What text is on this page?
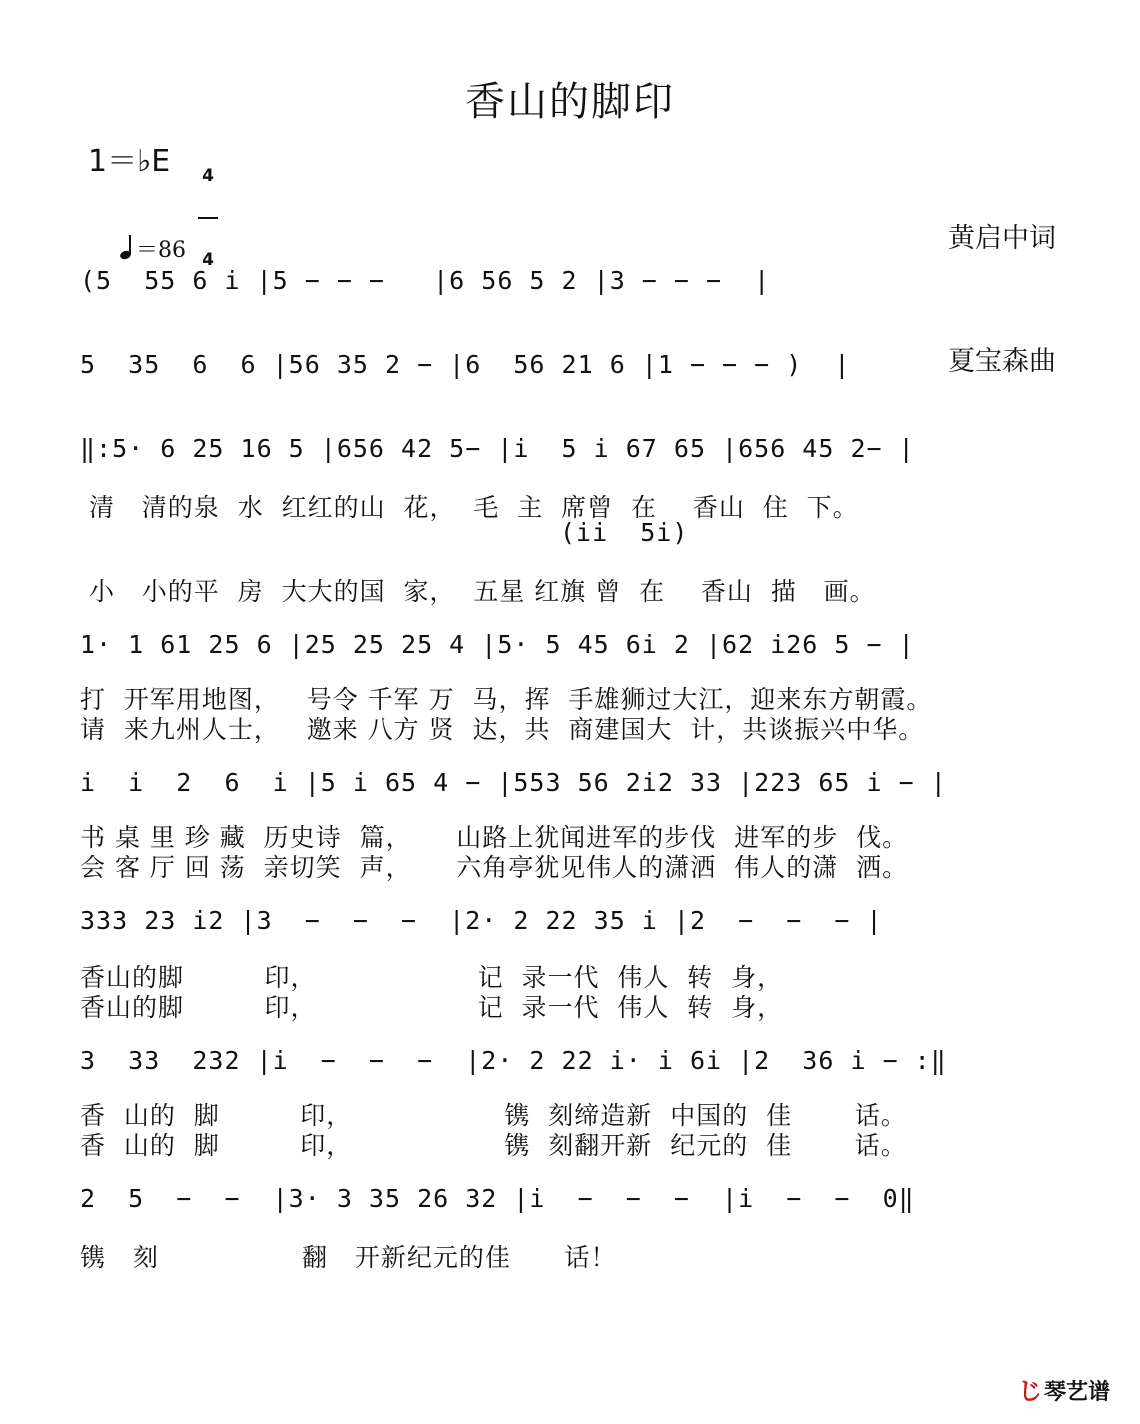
香山的脚印
1＝♭E

4

4

黄启中词

夏宝森曲

＝86

(5  55 6 i |5 − − −   |6 56 5 2 |3 − − −  |
5  35  6  6 |56 35 2 − |6  56 21 6 |1 − − − )  |
‖:5· 6 25 16 5 |656 42 5− |i  5 i 67 65 |656 45 2− |
清   清的泉  水  红红的山  花，  毛  主  席曾  在    香山  住  下。
(ii  5i)
小   小的平  房  大大的国  家，  五星 红旗 曾  在    香山  描   画。
1· 1 61 25 6 |25 25 25 4 |5· 5 45 6i 2 |62 i26 5 − |
打  开军用地图，   号令 千军 万  马，挥  手雄狮过大江，迎来东方朝霞。
请  来九州人士，   邀来 八方 贤  达，共  商建国大  计，共谈振兴中华。
i  i  2  6  i |5 i 65 4 − |553 56 2i2 33 |223 65 i − |
书 桌 里 珍 藏  历史诗  篇，     山路上犹闻进军的步伐  进军的步  伐。
会 客 厅 回 荡  亲切笑  声，     六角亭犹见伟人的潇洒  伟人的潇  洒。
333 23 i2 |3  −  −  −  |2· 2 22 35 i |2  −  −  − |
香山的脚         印，                  记  录一代  伟人  转  身，
香山的脚         印，                  记  录一代  伟人  转  身，
3  33  232 |i  −  −  −  |2· 2 22 i· i 6i |2  36 i − :‖
香  山的  脚         印，                 镌  刻缔造新  中国的  佳       话。
香  山的  脚         印，                 镌  刻翻开新  纪元的  佳       话。
2  5  −  −  |3· 3 35 26 32 |i  −  −  −  |i  −  −  0‖
镌   刻                翻   开新纪元的佳      话！
じ琴艺谱
